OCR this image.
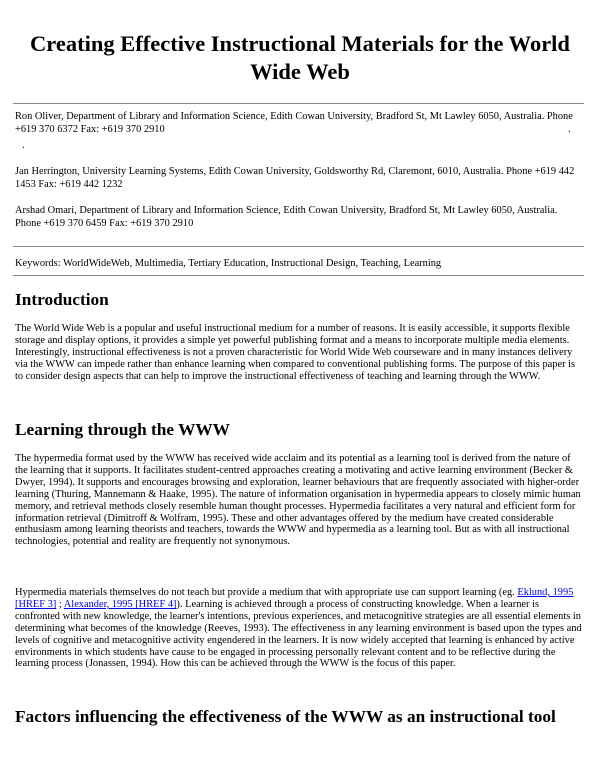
Creating Effective Instructional Materials for the World Wide Web
Ron Oliver, Department of Library and Information Science, Edith Cowan University, Bradford St, Mt Lawley 6050, Australia. Phone +619 370 6372 Fax: +619 370 2910	.
.
Jan Herrington, University Learning Systems, Edith Cowan University, Goldsworthy Rd, Claremont, 6010, Australia. Phone +619 442 1453 Fax: +619 442 1232
Arshad Omari, Department of Library and Information Science, Edith Cowan University, Bradford St, Mt Lawley 6050, Australia. Phone +619 370 6459 Fax: +619 370 2910
Keywords: WorldWideWeb, Multimedia, Tertiary Education, Instructional Design, Teaching, Learning
Introduction

The World Wide Web is a popular and useful instructional medium for a number of reasons. It is easily accessible, it supports flexible storage and display options, it provides a simple yet powerful publishing format and a means to incorporate multiple media elements. Interestingly, instructional effectiveness is not a proven characteristic for World Wide Web courseware and in many instances delivery via the WWW can impede rather than enhance learning when compared to conventional publishing forms. The purpose of this paper is to consider design aspects that can help to improve the instructional effectiveness of teaching and learning through the WWW.

Learning through the WWW

The hypermedia format used by the WWW has received wide acclaim and its potential as a learning tool is derived from the nature of the learning that it supports. It facilitates student-centred approaches creating a motivating and active learning environment (Becker & Dwyer, 1994). It supports and encourages browsing and exploration, learner behaviours that are frequently associated with higher-order learning (Thuring, Mannemann & Haake, 1995). The nature of information organisation in hypermedia appears to closely mimic human memory, and retrieval methods closely resemble human thought processes. Hypermedia facilitates a very natural and efficient form for information retrieval (Dimitroff & Wolfram, 1995). These and other advantages offered by the medium have created considerable enthusiasm among learning theorists and teachers, towards the WWW and hypermedia as a learning tool. But as with all instructional technologies, potential and reality are frequently not synonymous.

Hypermedia materials themselves do not teach but provide a medium that with appropriate use can support learning (eg. Eklund, 1995 [HREF 3] ; Alexander, 1995 [HREF 4]). Learning is achieved through a process of constructing knowledge. When a learner is confronted with new knowledge, the learner's intentions, previous experiences, and metacognitive strategies are all essential elements in determining what becomes of the knowledge (Reeves, 1993). The effectiveness in any learning environment is based upon the types and levels of cognitive and metacognitive activity engendered in the learners. It is now widely accepted that learning is enhanced by active environments in which students have cause to be engaged in processing personally relevant content and to be reflective during the learning process (Jonassen, 1994). How this can be achieved through the WWW is the focus of this paper.

Factors influencing the effectiveness of the WWW as an instructional tool
